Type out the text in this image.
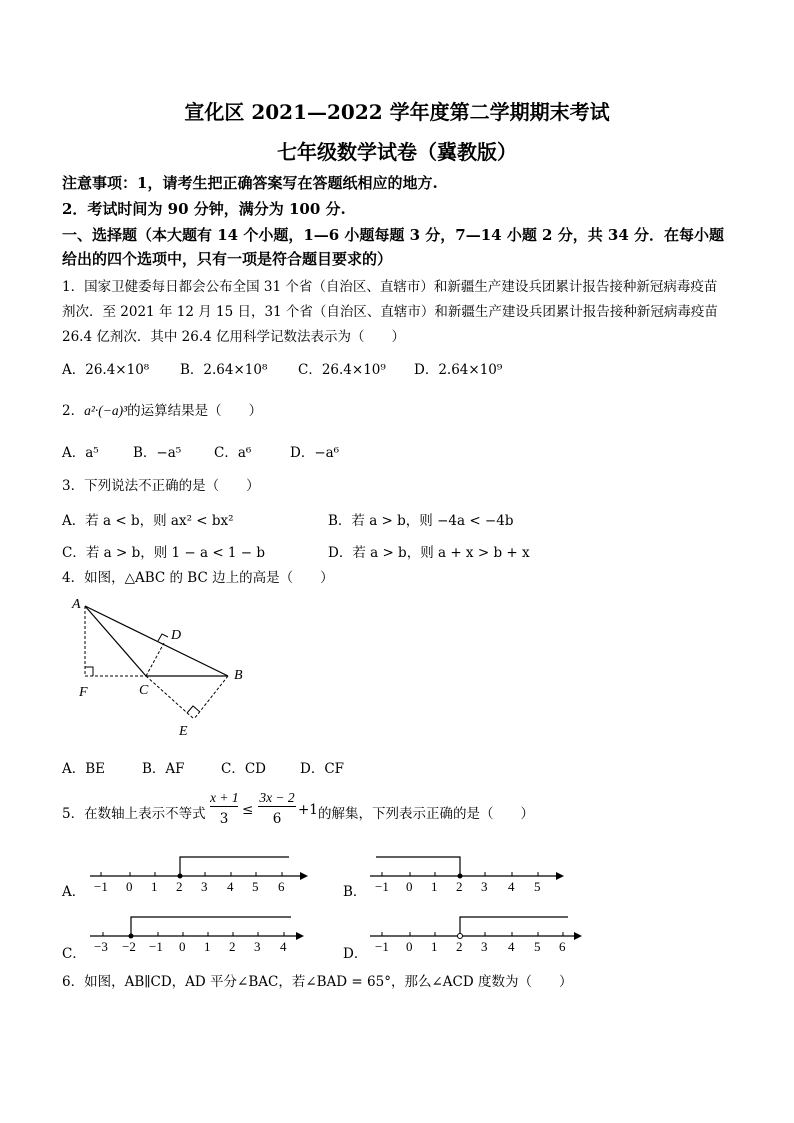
宣化区 2021—2022 学年度第二学期期末考试
七年级数学试卷（冀教版）
注意事项：1，请考生把正确答案写在答题纸相应的地方.
2．考试时间为 90 分钟，满分为 100 分.
一、选择题（本大题有 14 个小题，1—6 小题每题 3 分，7—14 小题 2 分，共 34 分．在每小题
给出的四个选项中，只有一项是符合题目要求的）
1．国家卫健委每日都会公布全国 31 个省（自治区、直辖市）和新疆生产建设兵团累计报告接种新冠病毒疫苗
剂次．至 2021 年 12 月 15 日，31 个省（自治区、直辖市）和新疆生产建设兵团累计报告接种新冠病毒疫苗
26.4 亿剂次．其中 26.4 亿用科学记数法表示为（　　）
A．26.4×10⁸ B．2.64×10⁸ C．26.4×10⁹ D．2.64×10⁹
2．a²·(−a)³的运算结果是（　　）
A．a⁵	B．−a⁵ C．a⁶	D．−a⁶
3．下列说法不正确的是（　　）
A．若 a < b，则 ax² < bx²	B．若 a > b，则 −4a < −4b
C．若 a > b，则 1 − a < 1 − b	D．若 a > b，则 a + x > b + x
4．如图，△ABC 的 BC 边上的高是（　　）
A
B
C
D
E
F
A．BE	B．AF	C．CD	D．CF
5．在数轴上表示不等式
x + 1
3
≤
3x − 2
6
+1 的解集，下列表示正确的是（　　）
A．	B．
C．	D．
−1 0 1 2 3 4 5 6	−1 0 1 2 3 4 5
−3 −2 −1 0 1 2 3 4	−1 0 1 2 3 4 5 6
6．如图，AB∥CD，AD 平分∠BAC，若∠BAD = 65°，那么∠ACD 度数为（　　）
